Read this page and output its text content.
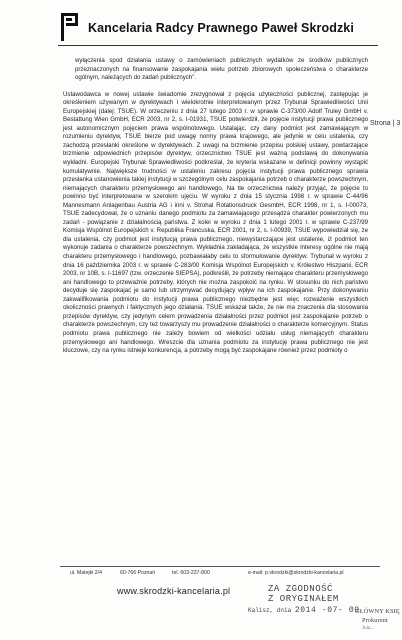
Kancelaria Radcy Prawnego Paweł Skrodzki
Strona | 3

wyłączenia spod działania ustawy o zamówieniach publicznych wydatków ze środków publicznych przeznaczonych na finansowanie zaspokajania wielu potrzeb zbiorowych społeczeństwa o charakterze ogólnym, należących do zadań publicznych".

Ustawodawca w nowej ustawie świadomie zrezygnował z pojęcia użyteczności publicznej, zastępując je określeniem używanym w dyrektywach i wielokrotnie interpretowanym przez Trybunał Sprawiedliwości Unii Europejskiej (dalej: TSUE). W orzeczeniu z dnia 27 lutego 2003 r. w sprawie C-373/00 Adolf Truley GmbH v. Bestattung Wien GmbH, ECR 2003, nr 2, s. I-01931, TSUE potwierdził, że pojęcie instytucji prawa publicznego jest autonomicznym pojęciem prawa wspólnotowego. Ustalając, czy dany podmiot jest zamawiającym w rozumieniu dyrektyw, TSUE bierze pod uwagę normy prawa krajowego, ale jedynie w celu ustalenia, czy zachodzą przesłanki określone w dyrektywach. Z uwagi na brzmienie przepisu polskiej ustawy, powtarzające brzmienie odpowiednich przepisów dyrektyw, orzecznictwo TSUE jest ważną podstawą do dokonywania wykładni. Europejski Trybunał Sprawiedliwości podkreślał, że kryteria wskazane w definicji powinny wystąpić kumulatywnie. Największe trudności w ustaleniu zakresu pojęcia instytucji prawa publicznego sprawia przesłanka ustanowienia takiej instytucji w szczególnym celu zaspokajania potrzeb o charakterze powszechnym, niemających charakteru przemysłowego ani handlowego. Na tle orzecznictwa należy przyjąć, że pojęcie to powinno być interpretowane w szerokim ujęciu. W wyroku z dnia 15 stycznia 1998 r. w sprawie C-44/96 Mannesmann Anlagenbau Austria AG i inni v. Strohal Rotationsdruck GesmbH, ECR 1998, nr 1, s. I-00073, TSUE zadecydował, że o uznaniu danego podmiotu za zamawiającego przesądza charakter powierzonych mu zadań - powiązanie z działalnością państwa. Z kolei w wyroku z dnia 1 lutego 2001 r. w sprawie C-237/99 Komisja Wspólnot Europejskich v. Republika Francuska, ECR 2001, nr 2, s. I-00939, TSUE wypowiedział się, że dla ustalenia, czy podmiot jest instytucją prawa publicznego, niewystarczające jest ustalenie, iż podmiot ten wykonuje zadania o charakterze powszechnym. Wykładnia zakładająca, że wszystkie interesy ogólne nie mają charakteru przemysłowego i handlowego, pozbawiałaby celu to sformułowanie dyrektyw. Trybunał w wyroku z dnia 16 października 2003 r. w sprawie C-283/00 Komisja Wspólnot Europejskich v. Królestwo Hiszpanii, ECR 2003, nr 10B, s. I-11697 (tzw. orzeczenie SIEPSA), podkreślił, że potrzeby niemające charakteru przemysłowego ani handlowego to przeważnie potrzeby, których nie można zaspokoić na rynku. W stosunku do nich państwo decyduje się zaspokajać je samo lub utrzymywać decydujący wpływ na ich zaspokajanie. Przy dokonywaniu zakwalifikowania podmiotu do instytucji prawa publicznego niezbędne jest więc rozważenie wszystkich okoliczności prawnych i faktycznych jego działania. TSUE wskazał także, że nie ma znaczenia dla stosowania przepisów dyrektyw, czy jedynym celem prowadzenia działalności przez podmiot jest zaspokajanie potrzeb o charakterze powszechnym, czy też towarzyszy mu prowadzenie działalności o charakterze komercyjnym. Status podmiotu prawa publicznego nie zależy bowiem od wielkości udziału usług niemających charakteru przemysłowego ani handlowego. Wreszcie dla uznania podmiotu za instytucję prawa publicznego nie jest kluczowe, czy na rynku istnieje konkurencja, a potrzeby mogą być zaspokajane również przez podmioty o

ul. Matejki 2/4	60-766 Poznań	tel. 603-237-800	e-mail: p.skrodzki@skrodzki-kancelaria.pl
www.skrodzki-kancelaria.pl	ZA ZGODNOŚĆ
Z ORYGINAŁEM
Kalisz, dnia 2014 -07- 09
GŁÓWNY KSIĘ
Prokurent
Jola...
